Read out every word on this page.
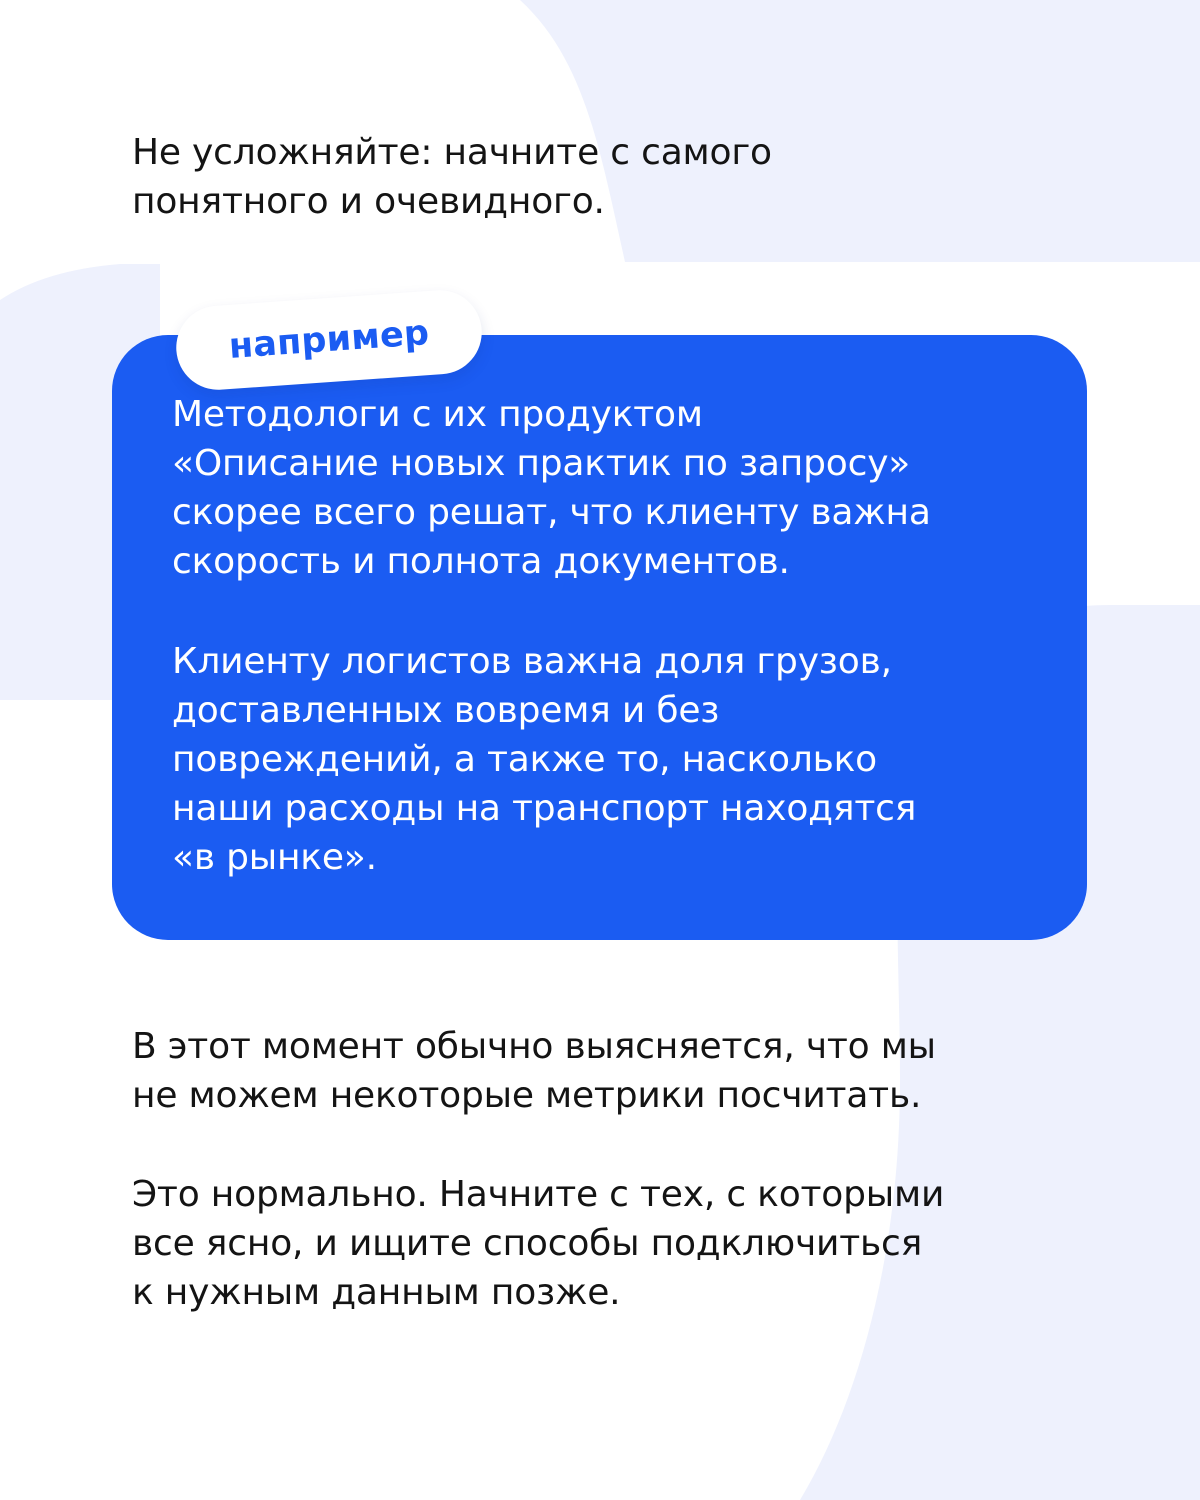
Не усложняйте: начните с самого
понятного и очевидного.

Методологи с их продуктом
«Описание новых практик по запросу»
скорее всего решат, что клиенту важна
скорость и полнота документов.

Клиенту логистов важна доля грузов,
доставленных вовремя и без
повреждений, а также то, насколько
наши расходы на транспорт находятся
«в рынке».

например

В этот момент обычно выясняется, что мы
не можем некоторые метрики посчитать.

Это нормально. Начните с тех, с которыми
все ясно, и ищите способы подключиться
к нужным данным позже.
